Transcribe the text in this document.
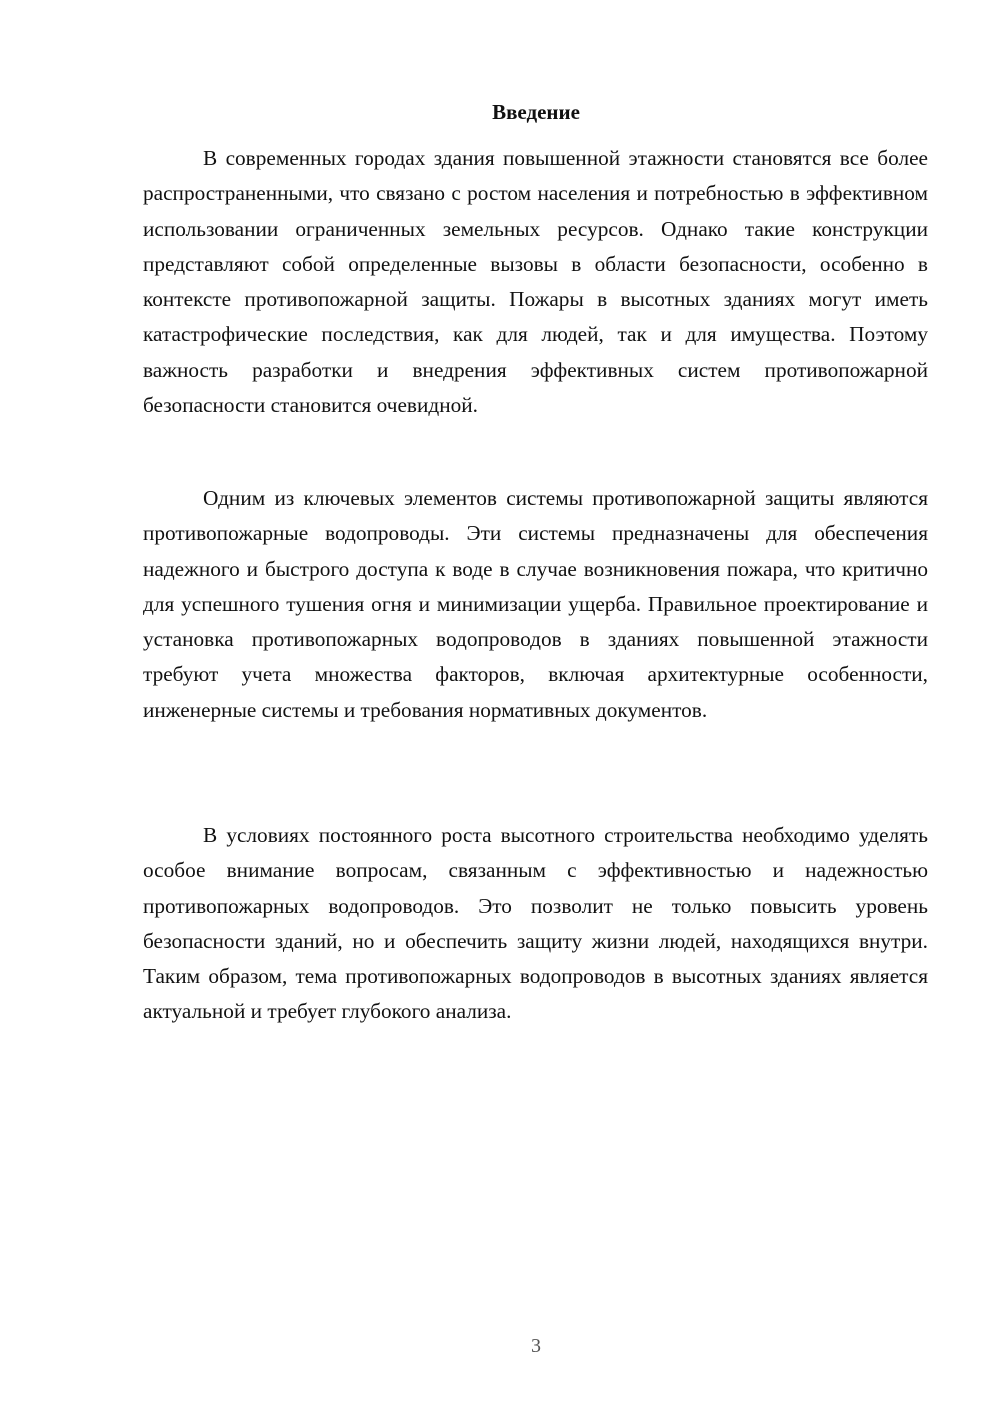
Введение

В современных городах здания повышенной этажности становятся все более распространенными, что связано с ростом населения и потребностью в эффективном использовании ограниченных земельных ресурсов. Однако такие конструкции представляют собой определенные вызовы в области безопасности, особенно в контексте противопожарной защиты. Пожары в высотных зданиях могут иметь катастрофические последствия, как для людей, так и для имущества. Поэтому важность разработки и внедрения эффективных систем противопожарной безопасности становится очевидной.

Одним из ключевых элементов системы противопожарной защиты являются противопожарные водопроводы. Эти системы предназначены для обеспечения надежного и быстрого доступа к воде в случае возникновения пожара, что критично для успешного тушения огня и минимизации ущерба. Правильное проектирование и установка противопожарных водопроводов в зданиях повышенной этажности требуют учета множества факторов, включая архитектурные особенности, инженерные системы и требования нормативных документов.

В условиях постоянного роста высотного строительства необходимо уделять особое внимание вопросам, связанным с эффективностью и надежностью противопожарных водопроводов. Это позволит не только повысить уровень безопасности зданий, но и обеспечить защиту жизни людей, находящихся внутри. Таким образом, тема противопожарных водопроводов в высотных зданиях является актуальной и требует глубокого анализа.

3
